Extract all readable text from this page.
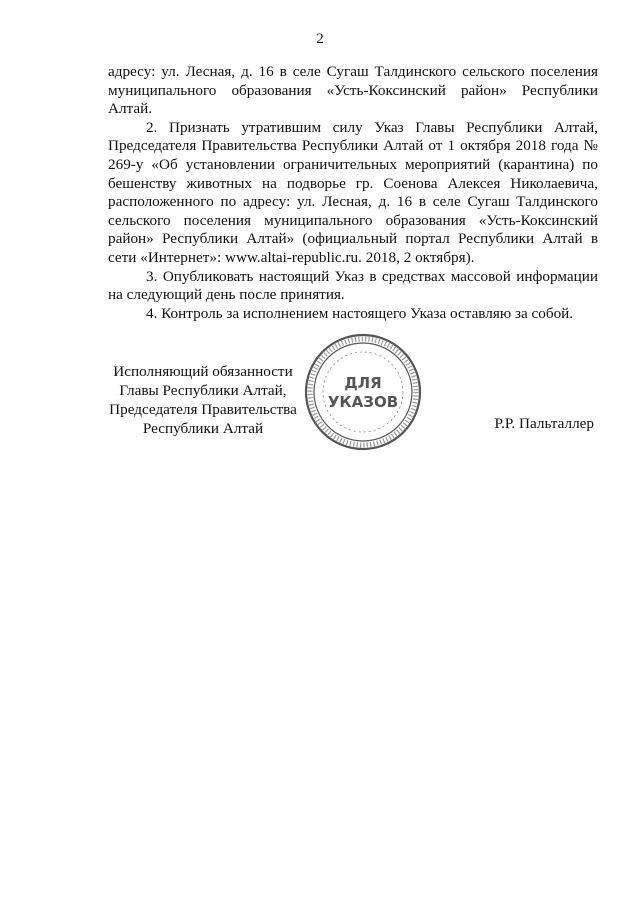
2

адресу: ул. Лесная, д. 16 в селе Сугаш Талдинского сельского поселения муниципального образования «Усть-Коксинский район» Республики Алтай.

2. Признать утратившим силу Указ Главы Республики Алтай, Председателя Правительства Республики Алтай от 1 октября 2018 года № 269-у «Об установлении ограничительных мероприятий (карантина) по бешенству животных на подворье гр. Соенова Алексея Николаевича, расположенного по адресу: ул. Лесная, д. 16 в селе Сугаш Талдинского сельского поселения муниципального образования «Усть-Коксинский район» Республики Алтай» (официальный портал Республики Алтай в сети «Интернет»: www.altai-republic.ru. 2018, 2 октября).

3. Опубликовать настоящий Указ в средствах массовой информации на следующий день после принятия.

4. Контроль за исполнением настоящего Указа оставляю за собой.

Исполняющий обязанности
Главы Республики Алтай,
Председателя Правительства
Республики Алтай
ДЛЯ
УКАЗОВ
Р.Р. Пальталлер
